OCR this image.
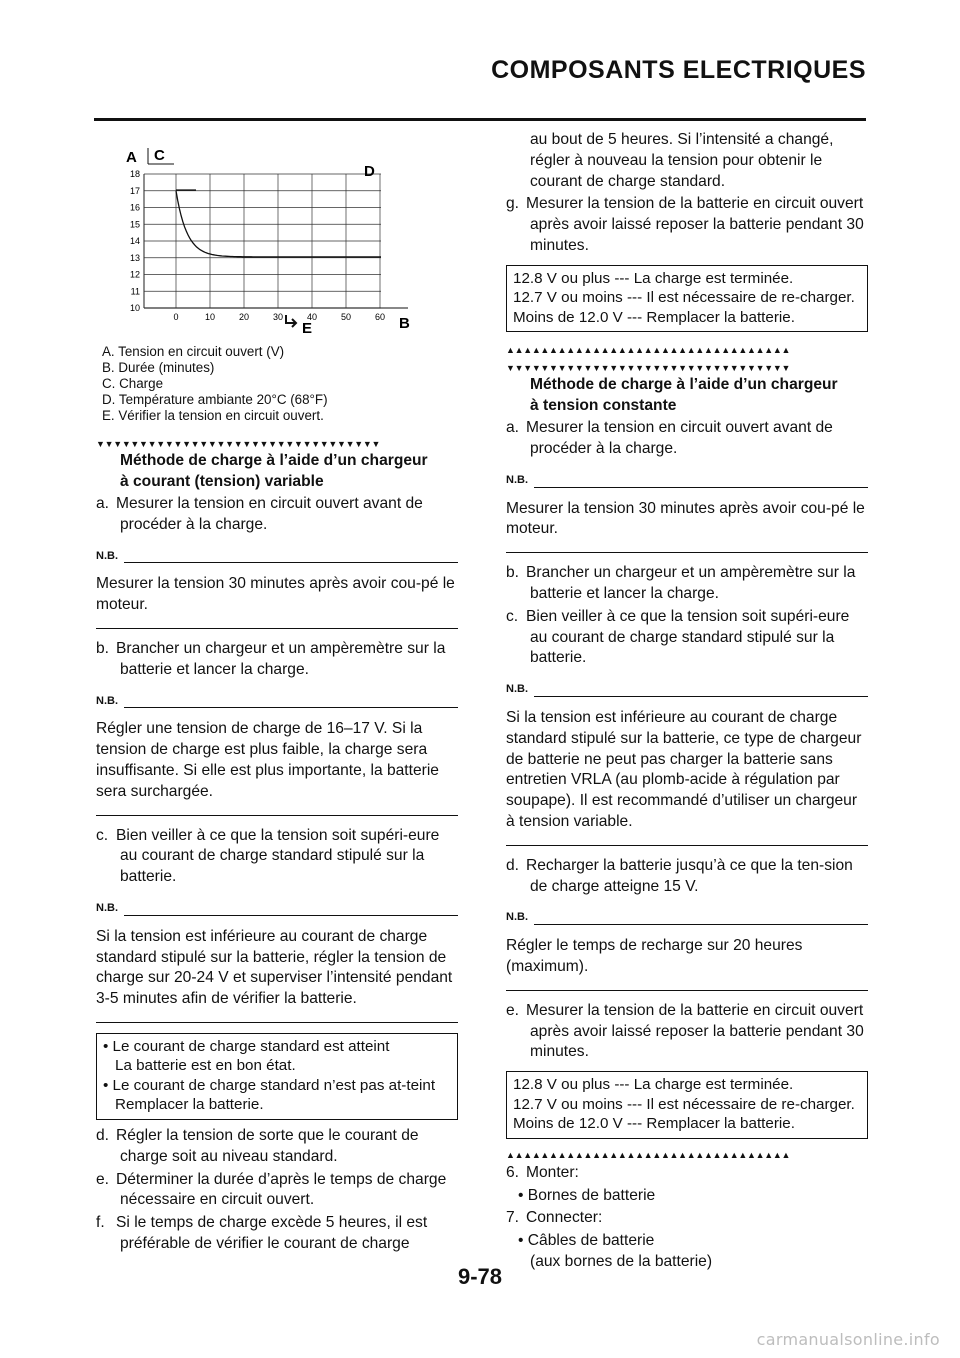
COMPOSANTS ELECTRIQUES
18
17
16
15
14
13
12
11
10
0	10	20	30	40	50	60
A C
D
B
E
A. Tension en circuit ouvert (V)
B. Durée (minutes)
C. Charge
D. Température ambiante 20°C (68°F)
E. Vérifier la tension en circuit ouvert.
▼▼▼▼▼▼▼▼▼▼▼▼▼▼▼▼▼▼▼▼▼▼▼▼▼▼▼▼▼▼▼▼▼
Méthode de charge à l’aide d’un chargeur
à courant (tension) variable
a. Mesurer la tension en circuit ouvert avant de procéder à la charge.
N.B.
Mesurer la tension 30 minutes après avoir cou-pé le moteur.
b. Brancher un chargeur et un ampèremètre sur la batterie et lancer la charge.
N.B.
Régler une tension de charge de 16–17 V. Si la tension de charge est plus faible, la charge sera insuffisante. Si elle est plus importante, la batterie sera surchargée.
c. Bien veiller à ce que la tension soit supéri-eure au courant de charge standard stipulé sur la batterie.
N.B.
Si la tension est inférieure au courant de charge standard stipulé sur la batterie, régler la tension de charge sur 20-24 V et superviser l’intensité pendant 3-5 minutes afin de vérifier la batterie.
• Le courant de charge standard est atteint
La batterie est en bon état.
• Le courant de charge standard n’est pas at-teint
Remplacer la batterie.
d. Régler la tension de sorte que le courant de charge soit au niveau standard.
e. Déterminer la durée d’après le temps de charge nécessaire en circuit ouvert.
f. Si le temps de charge excède 5 heures, il est préférable de vérifier le courant de charge
au bout de 5 heures. Si l’intensité a changé, régler à nouveau la tension pour obtenir le courant de charge standard.
g. Mesurer la tension de la batterie en circuit ouvert après avoir laissé reposer la batterie pendant 30 minutes.
12.8 V ou plus --- La charge est terminée.
12.7 V ou moins --- Il est nécessaire de re-charger.
Moins de 12.0 V --- Remplacer la batterie.
▲▲▲▲▲▲▲▲▲▲▲▲▲▲▲▲▲▲▲▲▲▲▲▲▲▲▲▲▲▲▲▲▲
▼▼▼▼▼▼▼▼▼▼▼▼▼▼▼▼▼▼▼▼▼▼▼▼▼▼▼▼▼▼▼▼▼
Méthode de charge à l’aide d’un chargeur
à tension constante
a. Mesurer la tension en circuit ouvert avant de procéder à la charge.
N.B.
Mesurer la tension 30 minutes après avoir cou-pé le moteur.
b. Brancher un chargeur et un ampèremètre sur la batterie et lancer la charge.
c. Bien veiller à ce que la tension soit supéri-eure au courant de charge standard stipulé sur la batterie.
N.B.
Si la tension est inférieure au courant de charge standard stipulé sur la batterie, ce type de chargeur de batterie ne peut pas charger la batterie sans entretien VRLA (au plomb-acide à régulation par soupape). Il est recommandé d’utiliser un chargeur à tension variable.
d. Recharger la batterie jusqu’à ce que la ten-sion de charge atteigne 15 V.
N.B.
Régler le temps de recharge sur 20 heures (maximum).
e. Mesurer la tension de la batterie en circuit ouvert après avoir laissé reposer la batterie pendant 30 minutes.
12.8 V ou plus --- La charge est terminée.
12.7 V ou moins --- Il est nécessaire de re-charger.
Moins de 12.0 V --- Remplacer la batterie.
▲▲▲▲▲▲▲▲▲▲▲▲▲▲▲▲▲▲▲▲▲▲▲▲▲▲▲▲▲▲▲▲▲
6. Monter:
• Bornes de batterie
7. Connecter:
• Câbles de batterie
(aux bornes de la batterie)
9-78
carmanualsonline.info
